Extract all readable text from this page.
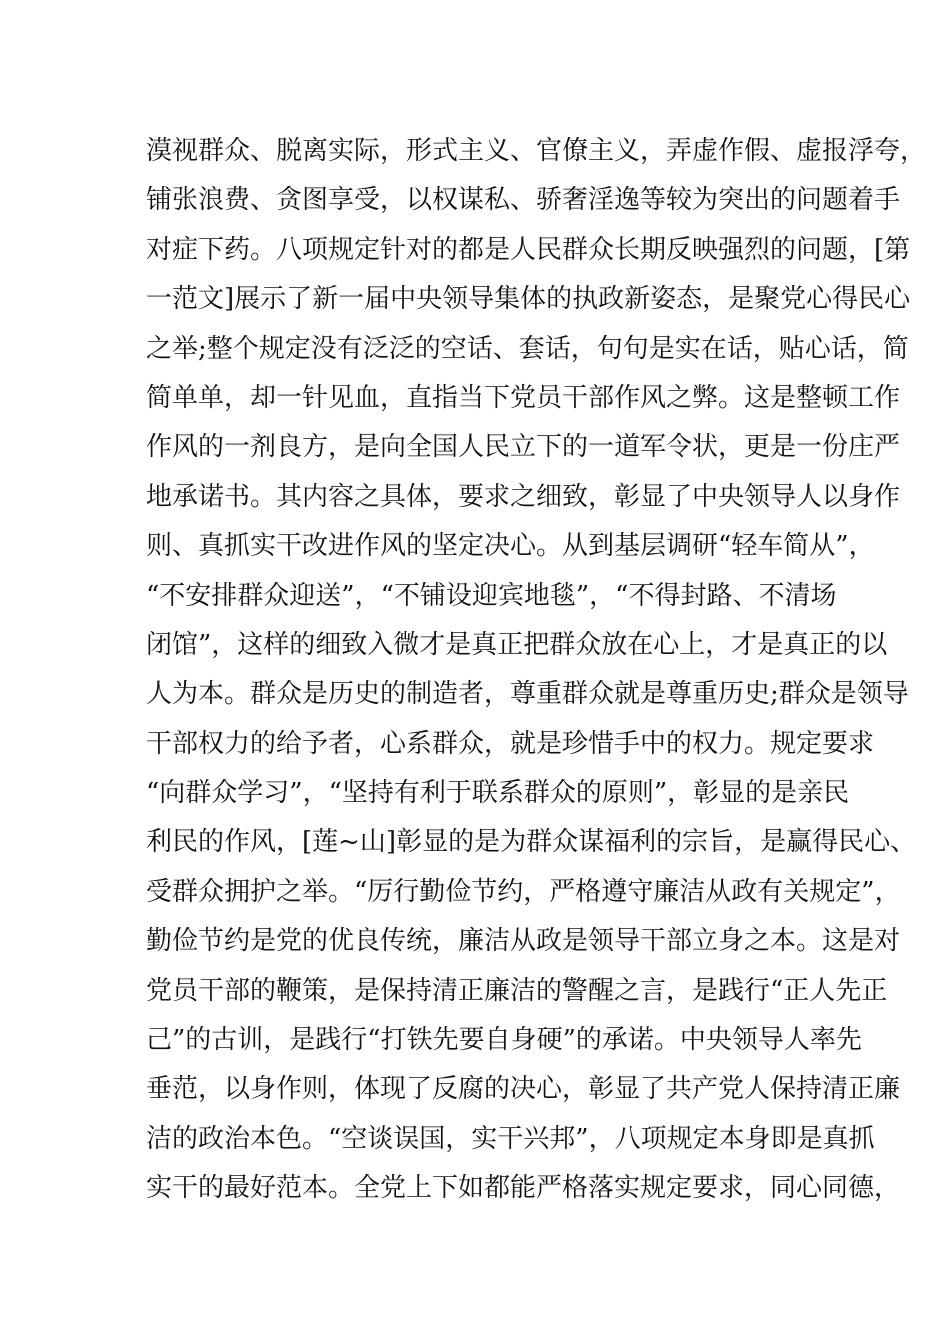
漠视群众、脱离实际，形式主义、官僚主义，弄虚作假、虚报浮夸，
铺张浪费、贪图享受，以权谋私、骄奢淫逸等较为突出的问题着手
对症下药。八项规定针对的都是人民群众长期反映强烈的问题，[第
一范文]展示了新一届中央领导集体的执政新姿态，是聚党心得民心
之举;整个规定没有泛泛的空话、套话，句句是实在话，贴心话，简
简单单，却一针见血，直指当下党员干部作风之弊。这是整顿工作
作风的一剂良方，是向全国人民立下的一道军令状，更是一份庄严
地承诺书。其内容之具体，要求之细致，彰显了中央领导人以身作
则、真抓实干改进作风的坚定决心。从到基层调研“轻车简从”，
“不安排群众迎送”，“不铺设迎宾地毯”，“不得封路、不清场
闭馆”，这样的细致入微才是真正把群众放在心上，才是真正的以
人为本。群众是历史的制造者，尊重群众就是尊重历史;群众是领导
干部权力的给予者，心系群众，就是珍惜手中的权力。规定要求
“向群众学习”，“坚持有利于联系群众的原则”，彰显的是亲民
利民的作风，[莲~山]彰显的是为群众谋福利的宗旨，是赢得民心、
受群众拥护之举。“厉行勤俭节约，严格遵守廉洁从政有关规定”，
勤俭节约是党的优良传统，廉洁从政是领导干部立身之本。这是对
党员干部的鞭策，是保持清正廉洁的警醒之言，是践行“正人先正
己”的古训，是践行“打铁先要自身硬”的承诺。中央领导人率先
垂范，以身作则，体现了反腐的决心，彰显了共产党人保持清正廉
洁的政治本色。“空谈误国，实干兴邦”，八项规定本身即是真抓
实干的最好范本。全党上下如都能严格落实规定要求，同心同德，
